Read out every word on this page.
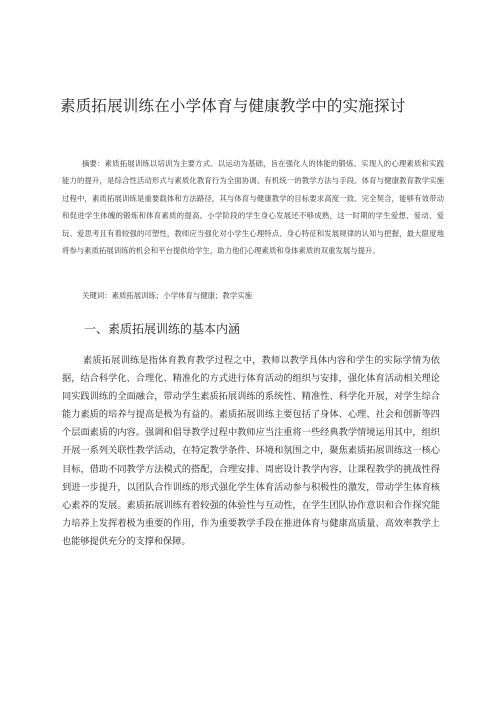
素质拓展训练在小学体育与健康教学中的实施探讨
摘要：素质拓展训练以培训为主要方式、以运动为基础，旨在强化人的体能的锻炼、实现人的心理素质和实践能力的提升，是综合性活动形式与素质化教育行为全面协调、有机统一的教学方法与手段。体育与健康教育教学实施过程中，素质拓展训练是重要载体和方法路径，其与体育与健康教学的目标要求高度一致、完全契合，能够有效带动和促进学生体魄的锻炼和体育素质的提高。小学阶段的学生身心发展还不够成熟，这一时期的学生爱想、爱动、爱玩、爱思考且有着较强的可塑性，教师应当强化对小学生心理特点、身心特征和发展规律的认知与把握，最大限度地将参与素质拓展训练的机会和平台提供给学生，助力他们心理素质和身体素质的双重发展与提升。
关键词：素质拓展训练；小学体育与健康；教学实施
一、素质拓展训练的基本内涵
素质拓展训练是指体育教育教学过程之中，教师以教学具体内容和学生的实际学情为依据，结合科学化、合理化、精准化的方式进行体育活动的组织与安排，强化体育活动相关理论同实践训练的全面融合，带动学生素质拓展训练的系统性、精准性、科学化开展，对学生综合能力素质的培养与提高是极为有益的。素质拓展训练主要包括了身体、心理、社会和创新等四个层面素质的内容。强调和倡导教学过程中教师应当注重将一些经典教学情境运用其中，组织开展一系列关联性教学活动，在特定教学条件、环境和氛围之中，聚焦素质拓展训练这一核心目标，借助不同教学方法模式的搭配，合理安排、周密设计教学内容，让课程教学的挑战性得到进一步提升，以团队合作训练的形式强化学生体育活动参与积极性的激发，带动学生体育核心素养的发展。素质拓展训练有着较强的体验性与互动性，在学生团队协作意识和合作探究能力培养上发挥着极为重要的作用，作为重要教学手段在推进体育与健康高质量、高效率教学上也能够提供充分的支撑和保障。
